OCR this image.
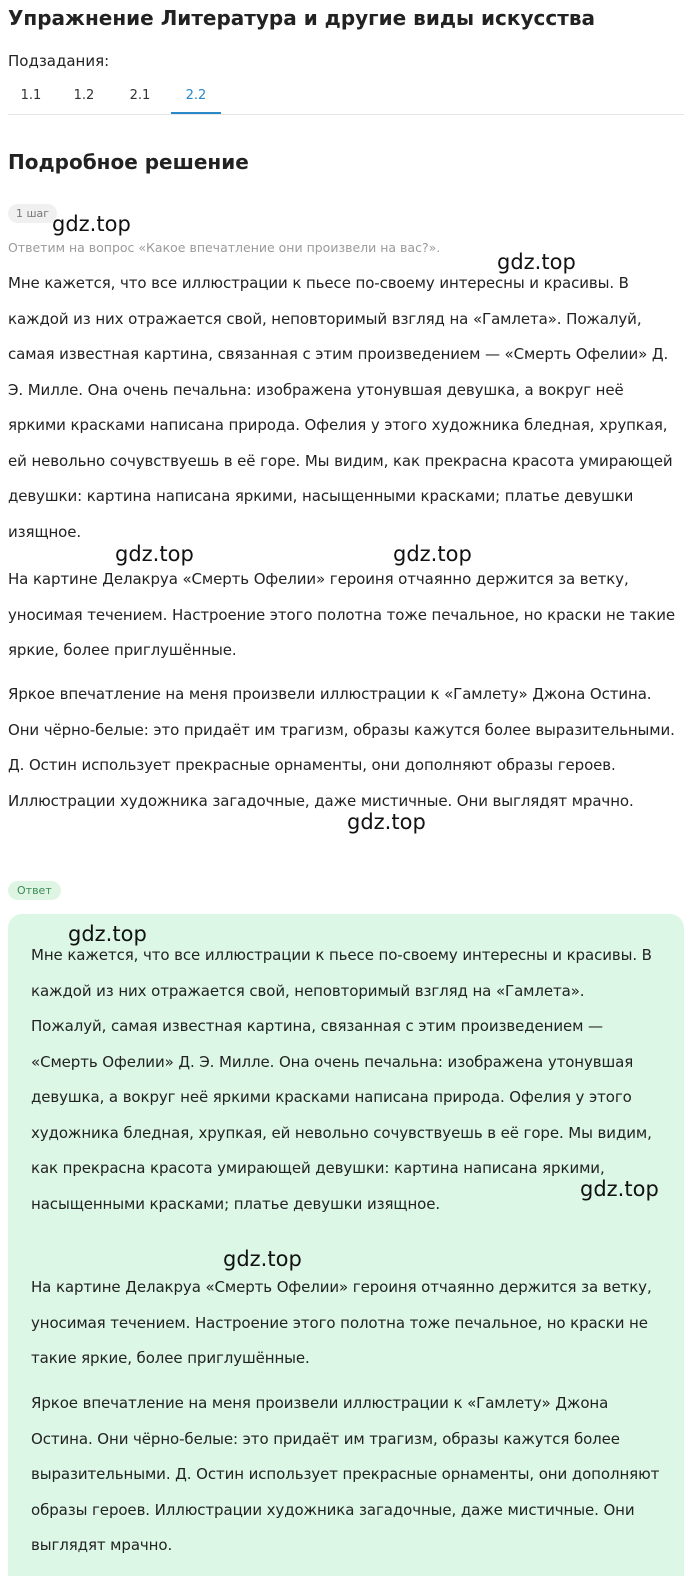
Упражнение Литература и другие виды искусства
Подзадания:
1.1	1.2	2.1	2.2
Подробное решение
1 шаг
Ответим на вопрос «Какое впечатление они произвели на вас?».

Мне кажется, что все иллюстрации к пьесе по-своему интересны и красивы. В каждой из них отражается свой, неповторимый взгляд на «Гамлета». Пожалуй, самая известная картина, связанная с этим произведением — «Смерть Офелии» Д. Э. Милле. Она очень печальна: изображена утонувшая девушка, а вокруг неё яркими красками написана природа. Офелия у этого художника бледная, хрупкая, ей невольно сочувствуешь в её горе. Мы видим, как прекрасна красота умирающей девушки: картина написана яркими, насыщенными красками; платье девушки изящное.

На картине Делакруа «Смерть Офелии» героиня отчаянно держится за ветку, уносимая течением. Настроение этого полотна тоже печальное, но краски не такие яркие, более приглушённые.

Яркое впечатление на меня произвели иллюстрации к «Гамлету» Джона Остина. Они чёрно-белые: это придаёт им трагизм, образы кажутся более выразительными. Д. Остин использует прекрасные орнаменты, они дополняют образы героев. Иллюстрации художника загадочные, даже мистичные. Они выглядят мрачно.

Ответ

Мне кажется, что все иллюстрации к пьесе по-своему интересны и красивы. В каждой из них отражается свой, неповторимый взгляд на «Гамлета». Пожалуй, самая известная картина, связанная с этим произведением — «Смерть Офелии» Д. Э. Милле. Она очень печальна: изображена утонувшая девушка, а вокруг неё яркими красками написана природа. Офелия у этого художника бледная, хрупкая, ей невольно сочувствуешь в её горе. Мы видим, как прекрасна красота умирающей девушки: картина написана яркими, насыщенными красками; платье девушки изящное.

На картине Делакруа «Смерть Офелии» героиня отчаянно держится за ветку, уносимая течением. Настроение этого полотна тоже печальное, но краски не такие яркие, более приглушённые.

Яркое впечатление на меня произвели иллюстрации к «Гамлету» Джона Остина. Они чёрно-белые: это придаёт им трагизм, образы кажутся более выразительными. Д. Остин использует прекрасные орнаменты, они дополняют образы героев. Иллюстрации художника загадочные, даже мистичные. Они выглядят мрачно.

gdz.top
gdz.top
gdz.top	gdz.top
gdz.top
gdz.top
gdz.top
gdz.top
